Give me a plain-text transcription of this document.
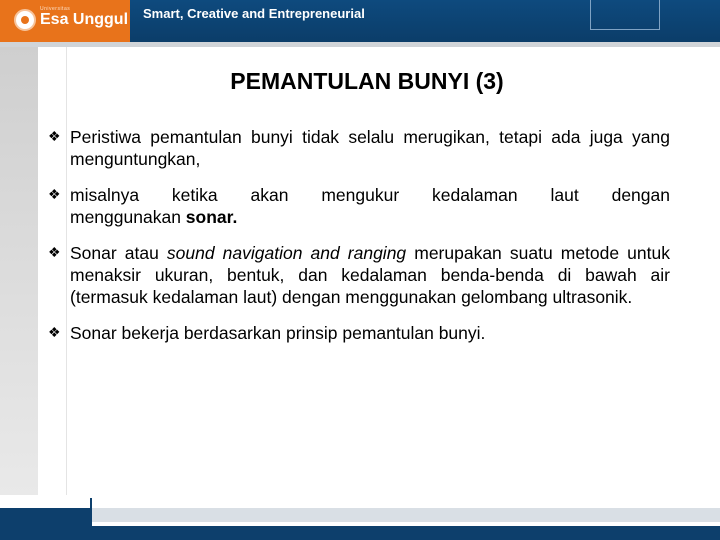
Universitas
Esa Unggul Smart, Creative and Entrepreneurial
PEMANTULAN BUNYI (3)
❖ Peristiwa pemantulan bunyi tidak selalu merugikan, tetapi ada juga yang menguntungkan,
❖ misalnya ketika akan mengukur kedalaman laut dengan
menggunakan sonar.
❖ Sonar atau sound navigation and ranging merupakan suatu metode untuk menaksir ukuran, bentuk, dan kedalaman benda-benda di bawah air (termasuk kedalaman laut) dengan menggunakan gelombang ultrasonik.
❖ Sonar bekerja berdasarkan prinsip pemantulan bunyi.
